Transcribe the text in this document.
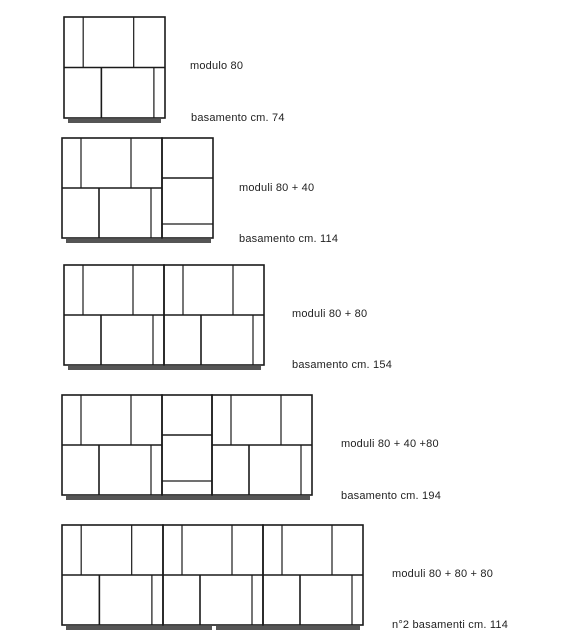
modulo 80
basamento cm. 74
moduli 80 + 40
basamento cm. 114
moduli 80 + 80
basamento cm. 154
moduli 80 + 40 +80
basamento cm. 194
moduli 80 + 80 + 80
n°2 basamenti cm. 114
